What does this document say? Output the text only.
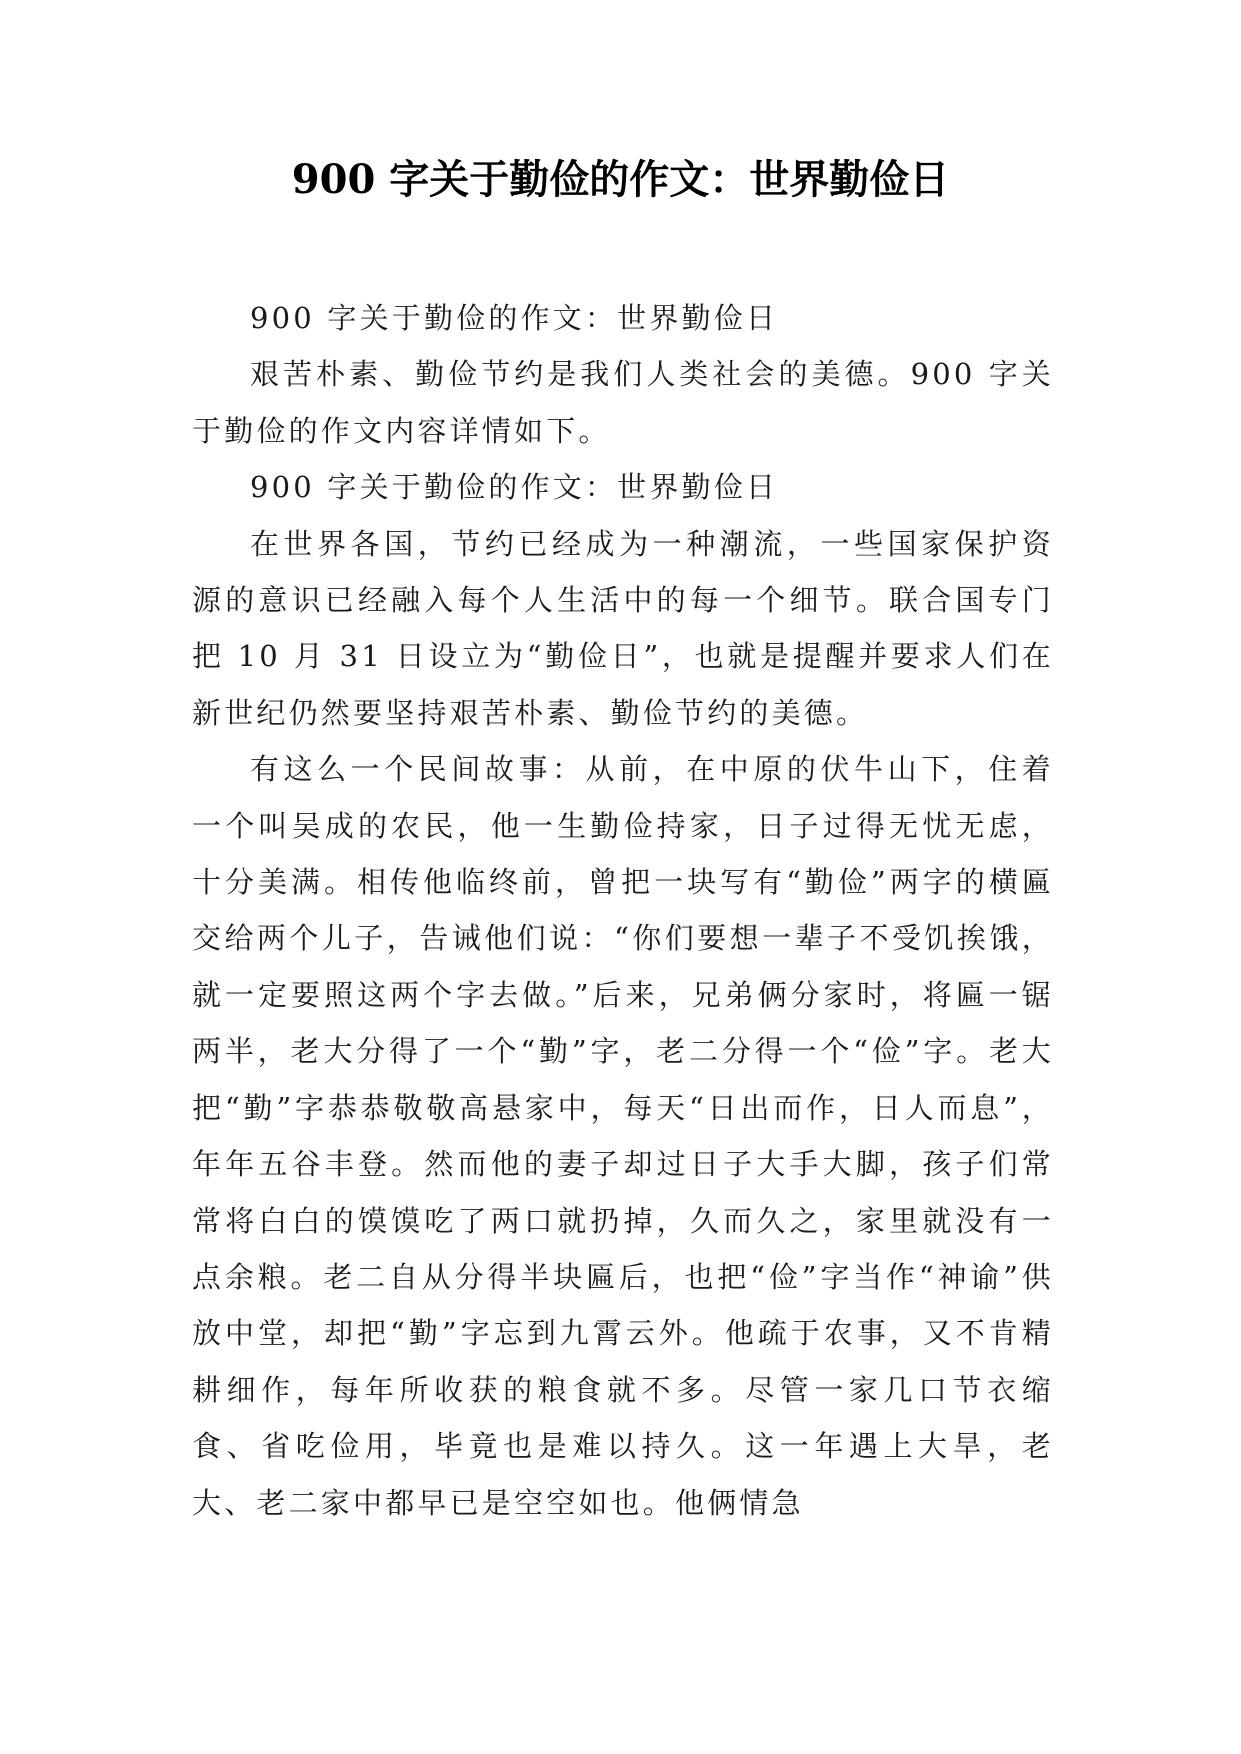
900 字关于勤俭的作文：世界勤俭日

900 字关于勤俭的作文：世界勤俭日

艰苦朴素、勤俭节约是我们人类社会的美德。900 字关于勤俭的作文内容详情如下。

900 字关于勤俭的作文：世界勤俭日

在世界各国，节约已经成为一种潮流，一些国家保护资源的意识已经融入每个人生活中的每一个细节。联合国专门把 10 月 31 日设立为“勤俭日”，也就是提醒并要求人们在新世纪仍然要坚持艰苦朴素、勤俭节约的美德。

有这么一个民间故事：从前，在中原的伏牛山下，住着一个叫吴成的农民，他一生勤俭持家，日子过得无忧无虑，十分美满。相传他临终前，曾把一块写有“勤俭”两字的横匾交给两个儿子，告诫他们说：“你们要想一辈子不受饥挨饿，就一定要照这两个字去做。”后来，兄弟俩分家时，将匾一锯两半，老大分得了一个“勤”字，老二分得一个“俭”字。老大把“勤”字恭恭敬敬高悬家中，每天“日出而作，日人而息”，年年五谷丰登。然而他的妻子却过日子大手大脚，孩子们常常将白白的馍馍吃了两口就扔掉，久而久之，家里就没有一点余粮。老二自从分得半块匾后，也把“俭”字当作“神谕”供放中堂，却把“勤”字忘到九霄云外。他疏于农事，又不肯精耕细作，每年所收获的粮食就不多。尽管一家几口节衣缩食、省吃俭用，毕竟也是难以持久。这一年遇上大旱，老大、老二家中都早已是空空如也。他俩情急
